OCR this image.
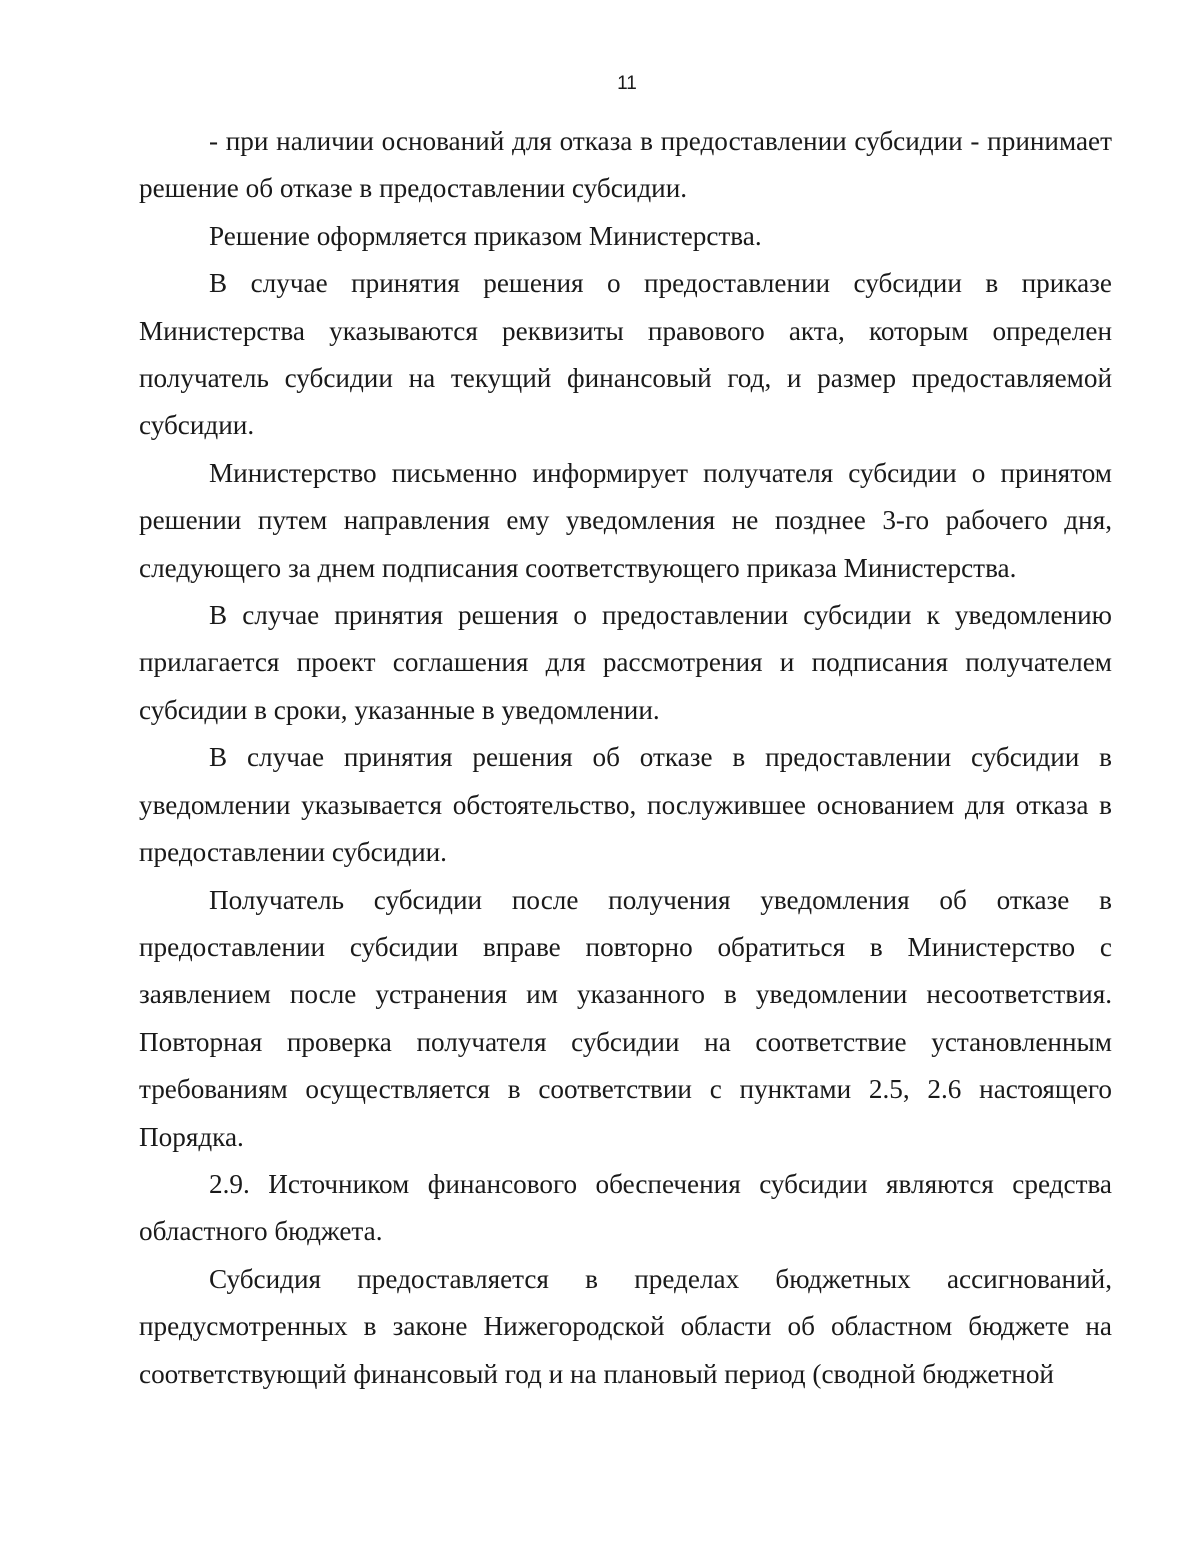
11

- при наличии оснований для отказа в предоставлении субсидии - принимает решение об отказе в предоставлении субсидии.

Решение оформляется приказом Министерства.

В случае принятия решения о предоставлении субсидии в приказе Министерства указываются реквизиты правового акта, которым определен получатель субсидии на текущий финансовый год, и размер предоставляемой субсидии.

Министерство письменно информирует получателя субсидии о принятом решении путем направления ему уведомления не позднее 3-го рабочего дня, следующего за днем подписания соответствующего приказа Министерства.

В случае принятия решения о предоставлении субсидии к уведомлению прилагается проект соглашения для рассмотрения и подписания получателем субсидии в сроки, указанные в уведомлении.

В случае принятия решения об отказе в предоставлении субсидии в уведомлении указывается обстоятельство, послужившее основанием для отказа в предоставлении субсидии.

Получатель субсидии после получения уведомления об отказе в предоставлении субсидии вправе повторно обратиться в Министерство с заявлением после устранения им указанного в уведомлении несоответствия. Повторная проверка получателя субсидии на соответствие установленным требованиям осуществляется в соответствии с пунктами 2.5, 2.6 настоящего Порядка.

2.9. Источником финансового обеспечения субсидии являются средства областного бюджета.

Субсидия предоставляется в пределах бюджетных ассигнований, предусмотренных в законе Нижегородской области об областном бюджете на соответствующий финансовый год и на плановый период (сводной бюджетной
